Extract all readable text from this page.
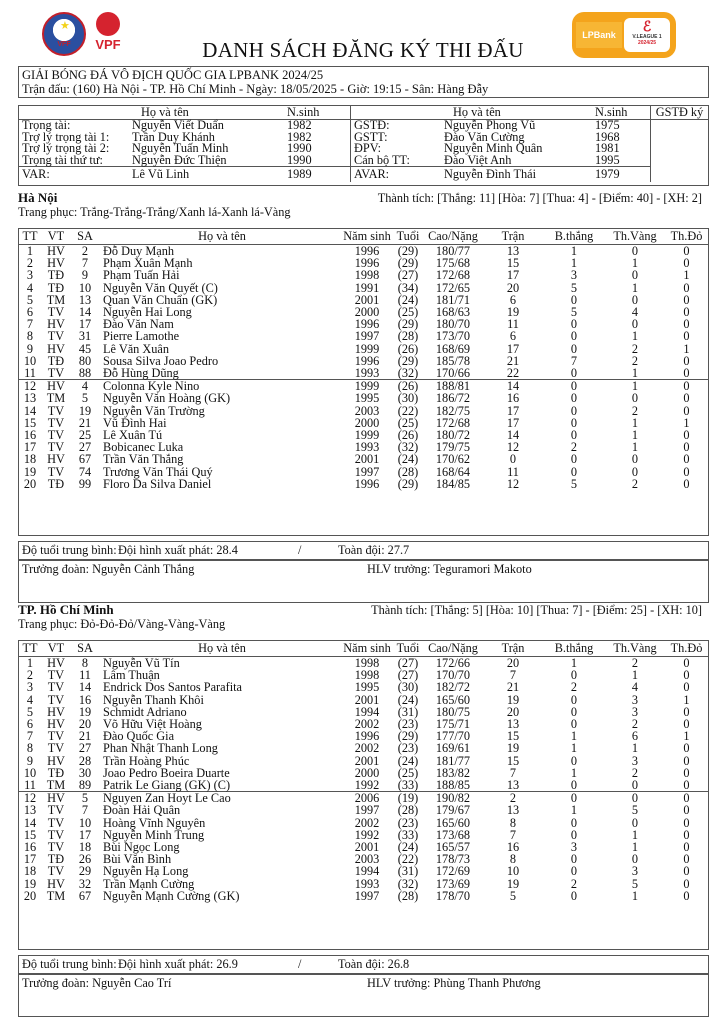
★
VFF	VPF	DANH SÁCH ĐĂNG KÝ THI ĐẤU
LPBank
ℰ
V.LEAGUE 1
2024/25
GIẢI BÓNG ĐÁ VÔ ĐỊCH QUỐC GIA LPBANK 2024/25
Trận đấu: (160) Hà Nội - TP. Hồ Chí Minh - Ngày: 18/05/2025 - Giờ: 19:15 - Sân: Hàng Đẫy
	Họ và tên	N.sinh		Họ và tên	N.sinh	GSTĐ ký
Trọng tài:	Nguyễn Viết Duẩn	1982	GSTĐ:	Nguyễn Phong Vũ	1975	
Trợ lý trọng tài 1:	Trần Duy Khánh	1982	GSTT:	Đào Văn Cường	1968	
Trợ lý trọng tài 2:	Nguyễn Tuấn Minh	1990	ĐPV:	Nguyễn Minh Quân	1981	
Trọng tài thứ tư:	Nguyễn Đức Thiện	1990	Cán bộ TT:	Đào Việt Anh	1995	
VAR:	Lê Vũ Linh	1989	AVAR:	Nguyễn Đình Thái	1979	
Hà Nội	Thành tích: [Thắng: 11] [Hòa: 7] [Thua: 4] - [Điểm: 40] - [XH: 2]
Trang phục: Trắng-Trắng-Trắng/Xanh lá-Xanh lá-Vàng
TT	VT	SA	Họ và tên	Năm sinh	Tuổi	Cao/Nặng	Trận	B.thắng	Th.Vàng	Th.Đỏ
1	HV	2	Đỗ Duy Mạnh	1996	(29)	180/77	13	1	0	0
2	HV	7	Phạm Xuân Mạnh	1996	(29)	175/68	15	1	1	0
3	TĐ	9	Phạm Tuấn Hải	1998	(27)	172/68	17	3	0	1
4	TĐ	10	Nguyễn Văn Quyết (C)	1991	(34)	172/65	20	5	1	0
5	TM	13	Quan Văn Chuẩn (GK)	2001	(24)	181/71	6	0	0	0
6	TV	14	Nguyễn Hai Long	2000	(25)	168/63	19	5	4	0
7	HV	17	Đào Văn Nam	1996	(29)	180/70	11	0	0	0
8	TV	31	Pierre Lamothe	1997	(28)	173/70	6	0	1	0
9	HV	45	Lê Văn Xuân	1999	(26)	168/69	17	0	2	1
10	TĐ	80	Sousa Silva Joao Pedro	1996	(29)	185/78	21	7	2	0
11	TV	88	Đỗ Hùng Dũng	1993	(32)	170/66	22	0	1	0
12	HV	4	Colonna Kyle Nino	1999	(26)	188/81	14	0	1	0
13	TM	5	Nguyễn Văn Hoàng (GK)	1995	(30)	186/72	16	0	0	0
14	TV	19	Nguyễn Văn Trường	2003	(22)	182/75	17	0	2	0
15	TV	21	Vũ Đình Hai	2000	(25)	172/68	17	0	1	1
16	TV	25	Lê Xuân Tú	1999	(26)	180/72	14	0	1	0
17	TV	27	Bobicanec Luka	1993	(32)	179/75	12	2	1	0
18	HV	67	Trần Văn Thắng	2001	(24)	170/62	0	0	0	0
19	TV	74	Trương Văn Thái Quý	1997	(28)	168/64	11	0	0	0
20	TĐ	99	Floro Da Silva Daniel	1996	(29)	184/85	12	5	2	0
Độ tuổi trung bình:Đội hình xuất phát: 28.4	/	Toàn đội: 27.7
Trưởng đoàn: Nguyễn Cảnh Thắng	HLV trưởng: Teguramori Makoto
TP. Hồ Chí Minh	Thành tích: [Thắng: 5] [Hòa: 10] [Thua: 7] - [Điểm: 25] - [XH: 10]
Trang phục: Đỏ-Đỏ-Đỏ/Vàng-Vàng-Vàng
TT	VT	SA	Họ và tên	Năm sinh	Tuổi	Cao/Nặng	Trận	B.thắng	Th.Vàng	Th.Đỏ
1	HV	8	Nguyễn Vũ Tín	1998	(27)	172/66	20	1	2	0
2	TV	11	Lâm Thuận	1998	(27)	170/70	7	0	1	0
3	TV	14	Endrick Dos Santos Parafita	1995	(30)	182/72	21	2	4	0
4	TV	16	Nguyễn Thanh Khôi	2001	(24)	165/60	19	0	3	1
5	HV	19	Schmidt Adriano	1994	(31)	180/75	20	0	3	0
6	HV	20	Võ Hữu Việt Hoàng	2002	(23)	175/71	13	0	2	0
7	TV	21	Đào Quốc Gia	1996	(29)	177/70	15	1	6	1
8	TV	27	Phan Nhật Thanh Long	2002	(23)	169/61	19	1	1	0
9	HV	28	Trần Hoàng Phúc	2001	(24)	181/77	15	0	3	0
10	TĐ	30	Joao Pedro Boeira Duarte	2000	(25)	183/82	7	1	2	0
11	TM	89	Patrik Le Giang (GK) (C)	1992	(33)	188/85	13	0	0	0
12	HV	5	Nguyen Zan Hoyt Le Cao	2006	(19)	190/82	2	0	0	0
13	TV	7	Đoàn Hải Quân	1997	(28)	179/67	13	1	5	0
14	TV	10	Hoàng Vĩnh Nguyên	2002	(23)	165/60	8	0	0	0
15	TV	17	Nguyễn Minh Trung	1992	(33)	173/68	7	0	1	0
16	TV	18	Bùi Ngọc Long	2001	(24)	165/57	16	3	1	0
17	TĐ	26	Bùi Văn Bình	2003	(22)	178/73	8	0	0	0
18	TV	29	Nguyễn Hạ Long	1994	(31)	172/69	10	0	3	0
19	HV	32	Trần Mạnh Cường	1993	(32)	173/69	19	2	5	0
20	TM	67	Nguyễn Mạnh Cường (GK)	1997	(28)	178/70	5	0	1	0
Độ tuổi trung bình:Đội hình xuất phát: 26.9	/	Toàn đội: 26.8
Trưởng đoàn: Nguyễn Cao Trí	HLV trưởng: Phùng Thanh Phương
